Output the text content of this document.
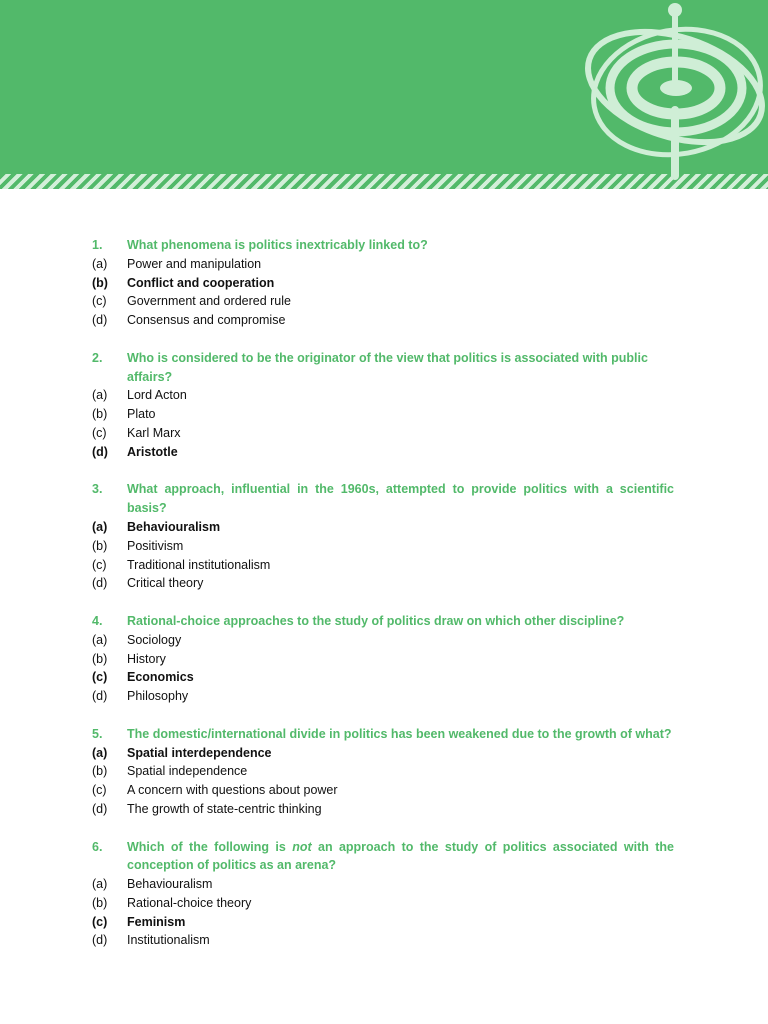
1.	What phenomena is politics inextricably linked to?
(a)	Power and manipulation
(b)	Conflict and cooperation
(c)	Government and ordered rule
(d)	Consensus and compromise
2.	Who is considered to be the originator of the view that politics is associated with public affairs?
(a)	Lord Acton
(b)	Plato
(c)	Karl Marx
(d)	Aristotle
3.	What approach, influential in the 1960s, attempted to provide politics with a scientific basis?
(a)	Behaviouralism
(b)	Positivism
(c)	Traditional institutionalism
(d)	Critical theory
4.	Rational-choice approaches to the study of politics draw on which other discipline?
(a)	Sociology
(b)	History
(c)	Economics
(d)	Philosophy
5.	The domestic/international divide in politics has been weakened due to the growth of what?
(a)	Spatial interdependence
(b)	Spatial independence
(c)	A concern with questions about power
(d)	The growth of state-centric thinking
6.	Which of the following is not an approach to the study of politics associated with the conception of politics as an arena?
(a)	Behaviouralism
(b)	Rational-choice theory
(c)	Feminism
(d)	Institutionalism
